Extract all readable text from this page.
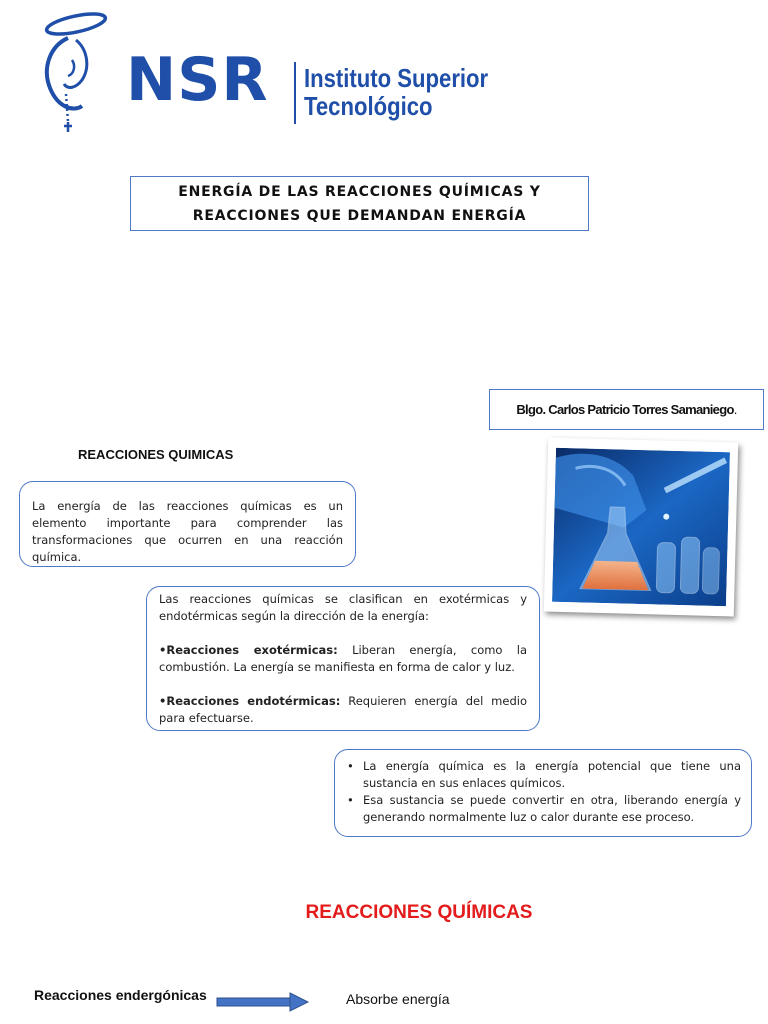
NSR Instituto Superior
Tecnológico
ENERGÍA DE LAS REACCIONES QUÍMICAS Y
REACCIONES QUE DEMANDAN ENERGÍA
Blgo. Carlos Patricio Torres Samaniego.
REACCIONES QUIMICAS
La energía de las reacciones químicas es un elemento importante para comprender las transformaciones que ocurren en una reacción química.

Las reacciones químicas se clasifican en exotérmicas y endotérmicas según la dirección de la energía:

•Reacciones exotérmicas: Liberan energía, como la combustión. La energía se manifiesta en forma de calor y luz.

•Reacciones endotérmicas: Requieren energía del medio para efectuarse.

• La energía química es la energía potencial que tiene una sustancia en sus enlaces químicos.
• Esa sustancia se puede convertir en otra, liberando energía y generando normalmente luz o calor durante ese proceso.
REACCIONES QUÍMICAS
Reacciones endergónicas	Absorbe energía
